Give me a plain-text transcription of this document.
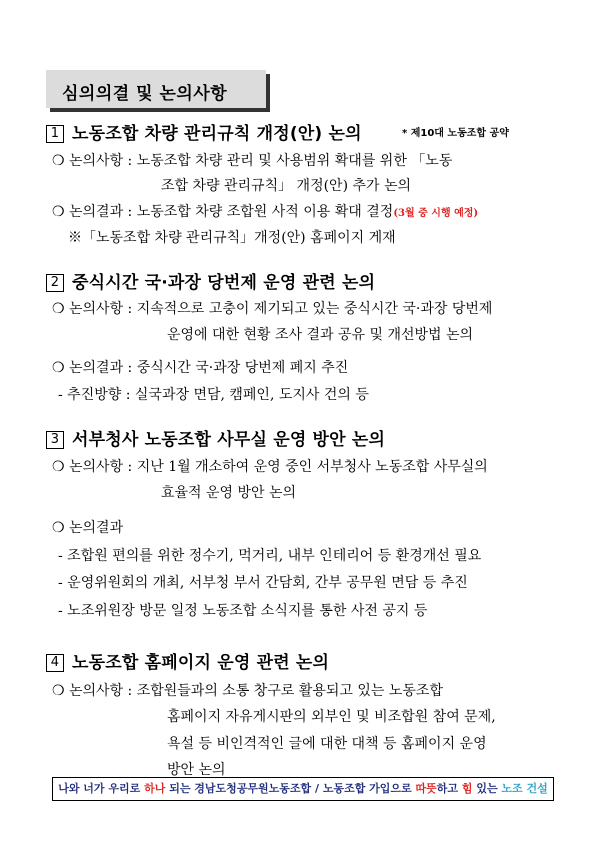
심의의결 및 논의사항
1 노동조합 차량 관리규칙 개정(안) 논의	* 제10대 노동조합 공약
❍ 논의사항 : 노동조합 차량 관리 및 사용범위 확대를 위한 「노동
조합 차량 관리규칙」 개정(안) 추가 논의
❍ 논의결과 : 노동조합 차량 조합원 사적 이용 확대 결정(3월 중 시행 예정)
※「노동조합 차량 관리규칙」개정(안) 홈페이지 게재
2 중식시간 국·과장 당번제 운영 관련 논의
❍ 논의사항 : 지속적으로 고충이 제기되고 있는 중식시간 국·과장 당번제
운영에 대한 현황 조사 결과 공유 및 개선방법 논의
❍ 논의결과 : 중식시간 국·과장 당번제 폐지 추진
- 추진방향 : 실국과장 면담, 캠페인, 도지사 건의 등
3 서부청사 노동조합 사무실 운영 방안 논의
❍ 논의사항 : 지난 1월 개소하여 운영 중인 서부청사 노동조합 사무실의
효율적 운영 방안 논의
❍ 논의결과
- 조합원 편의를 위한 정수기, 먹거리, 내부 인테리어 등 환경개선 필요
- 운영위원회의 개최, 서부청 부서 간담회, 간부 공무원 면담 등 추진
- 노조위원장 방문 일정 노동조합 소식지를 통한 사전 공지 등
4 노동조합 홈페이지 운영 관련 논의
❍ 논의사항 : 조합원들과의 소통 창구로 활용되고 있는 노동조합
홈페이지 자유게시판의 외부인 및 비조합원 참여 문제,
욕설 등 비인격적인 글에 대한 대책 등 홈페이지 운영
방안 논의
나와 너가 우리로 하나 되는 경남도청공무원노동조합 / 노동조합 가입으로 따뜻하고 힘 있는 노조 건설
